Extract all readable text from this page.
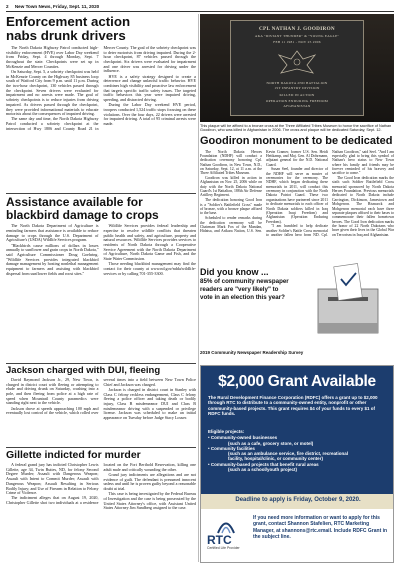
2 New Town News, Friday, Sept. 11, 2020
Enforcement action nabs drunk drivers

The North Dakota Highway Patrol conducted high-visibility enforcement (HVE) over Labor Day weekend from Friday, Sept. 4 through Monday, Sept. 7 throughout the state. Checkpoints were set up in McKenzie and Mercer Counties.

On Saturday, Sept. 5, a sobriety checkpoint was held in McKenzie County on the Highway 85 business loop south of Watford City from 9 p.m. until 11 p.m. During the two-hour checkpoint, 130 vehicles passed through the checkpoint. Seven drivers were evaluated for impairment and no arrests were made. The goal of sobriety checkpoints is to reduce injuries from driving impaired. As drivers passed through the checkpoint, they were provided informational materials to educate motorists about the consequences of impaired driving.

The same day and time, the North Dakota Highway Patrol conducted a sobriety checkpoint at the intersection of Hwy 1806 and County Road 21 in Mercer County. The goal of the sobriety checkpoint was to deter motorists from driving impaired. During the 2-hour checkpoint, 87 vehicles passed through the checkpoint. Six drivers were evaluated for impairment and one driver was arrested for driving under the influence.

HVE is a safety strategy designed to create a deterrence and change unlawful traffic behavior. HVE combines high visibility and proactive law enforcement that targets specific traffic safety issues. The targeted traffic behaviors this year were impaired driving, speeding, and distracted driving.

During the Labor Day weekend HVE period, troopers conducted 1,524 traffic stops focusing on these violations. Over the four days, 22 drivers were arrested for impaired driving. A total of 95 criminal arrests were made.

Assistance available for blackbird damage to crops

The North Dakota Department of Agriculture is reminding farmers that assistance is available to reduce damage to crops through the U.S. Department of Agriculture's (USDA) Wildlife Services program.

"Blackbirds cause millions of dollars in losses annually to sunflower and grain crops in North Dakota," said Agriculture Commissioner Doug Goehring. "Wildlife Services provides integrated blackbird damage management by hosting nonlethal management equipment to farmers and assisting with blackbird dispersal from sunflower fields and roost sites."

Wildlife Services provides federal leadership and expertise to resolve wildlife conflicts that threaten public health and safety, and agriculture, property and natural resources. Wildlife Services provides services to residents of North Dakota through a Cooperative Service Agreement with the North Dakota Department of Agriculture, North Dakota Game and Fish, and the State Water Commission.

Those needing blackbird management may find the contact for their county at www.nd.gov/ndda/wildlife-services or by calling 701-355-3300.

Jackson charged with DUI, fleeing

David Raymond Jackson Jr., 29, New Town, is charged in district court with fleeing or attempting to elude and driving drunk on Saturday, crashing into a pole, and then fleeing from police at a high rate of speed when Mountrail County paramedics were standing right next to the vehicle.

Jackson drove at speeds approaching 100 mph and eventually lost control of the vehicle, which rolled over several times into a field between New Town Police Chief and Jackson was charged.

Jackson is charged in district court in Stanley with Class C felony reckless endangerment, Class C felony fleeing a police officer and taking death or bodily injury, Class B misdemeanor DUI and Class B misdemeanor driving with a suspended or privilege license. Jackson was scheduled to make an initial appearance on Tuesday before Judge Stacy Louser.

Gillette indicted for murder

A federal grand jury has indicted Christopher Lewis Gillette, age 34, Twin Buttes, ND, for felony Second Degree Murder; Assault with Dangerous Weapon; Assault with Intent to Commit Murder; Assault with Dangerous Weapon; Assault Resulting in Serious Bodily Injury; and Use of Firearm in Relation to Felony Crime of Violence.

The indictment alleges that on August 19, 2020, Christopher Gillette shot two individuals at a residence located on the Fort Berthold Reservation, killing one adult male and critically wounding the other.

Grand jury indictments are allegations and are not evidence of guilt. The defendant is presumed innocent unless and until he is proven guilty beyond a reasonable doubt at trial.

This case is being investigated by the Federal Bureau of Investigation and the case is being prosecuted by the United States Attorney's office, with Assistant United States Attorney Jim Sandberg assigned to the case.

CPL NATHAN J. GOODIRON
AKA "DISTANT THUNDER" & "YOUNG EAGLE"
FEB 11 1981 - NOV 25 2006
NORTH DAKOTA 2ND BATTALION
1ST INFANTRY DIVISION
KILLED IN ACTION
OPERATION ENDURING FREEDOM
AFGHANISTAN
This plaque will be affixed to a bronze cross at the Three Affiliated Tribes Museum to honor the sacrifice of Nathan Goodiron, who was killed in Afghanistan in 2006. The cross and plaque will be dedicated Saturday, Sept. 12.
Goodiron monument to be dedicated

The North Dakota Heroes Foundation (NDHF) will conduct a dedication ceremony honoring Cpl. Nathan Goodiron, in New Town, N.D., on Saturday, Sept. 12, at 11 a.m. at the Three Affiliated Tribes Museum.

Goodiron was killed in action in Afghanistan on Nov. 25, 2006 while on duty with the North Dakota National Guard's 1st Battalion, 188th Air Defense Artillery Regiment.

The dedication honoring Good Iron is a "Soldier's Battlefield Cross" made of bronze, with a bronze plaque affixed to the base.

Scheduled to render remarks during the dedication ceremony will be Chairman Mark Fox of the Mandan, Hidatsa, and Arikara Nation, U.S. Sen. Kevin Cramer, former U.S. Sen. Heidi Heitkamp, and Maj. Gen. Al Dohrmann, adjutant general for the N.D. National Guard.

Susan Seel, founder and director of the NDHF will serve as master of ceremonies for the ceremony. The NDHF, which began dedicating these memorials in 2011, will conduct this ceremony in conjunction with the North Dakota Patriot Guard. These two organizations have partnered since 2011 to dedicate memorials to each officer of North Dakota soldiers killed in Iraq (Operation Iraqi Freedom) and Afghanistan (Operation Enduring Freedom).

"I am humbled to help dedicate another Soldier's Battle Cross memorial to another fallen hero from ND. Cpl. Nathan Goodiron," said Seel. "And I am especially glad to bring this symbol of Nathan's hero status to New Town where his family and friends may be forever reminded of his bravery and sacrifice to come."

The Good Iron dedication marks the sixth such Soldier Battlefield Cross memorial sponsored by North Dakota Heroes Foundation. Previous memorials dedicated to North Dakota include Carrington, Dickinson, Jamestown and Mohgerron. The Bismarck and Mohgerron memorial each have three separate plaques affixed to their bases to commemorate their fallen hometown heroes. The Good Iron dedication marks the honor of 22 North Dakotans who have given their lives in the Global War on Terrorism in Iraq and Afghanistan.

Did you know ...
85% of community newspaper
readers are "very likely" to
vote in an election this year?
2019 Community Newspaper Readership Survey
$2,000 Grant Available
The Rural Development Finance Corporation (RDFC) offers a grant up to $2,000 through RTC to distribute to a community-owned entity, nonprofit or other community-based projects. This grant requires $4 of your funds to every $1 of RDFC funds.
Eligible projects:
• Community-owned businesses
(such as a cafe, grocery store, or motel)
• Community facilities
(such as an ambulance service, fire district, recreational
facility, hospital/clinic, or community center)
• Community-based projects that benefit rural areas
(such as a school/youth project)
Deadline to apply is Friday, October 9, 2020.
RTC
Certified Life Provider
If you need more information or want to apply for this grant, contact Shannon Stafelien, RTC Marketing Manager, at shannons@rtc.email. Include RDFC Grant in the subject line.
